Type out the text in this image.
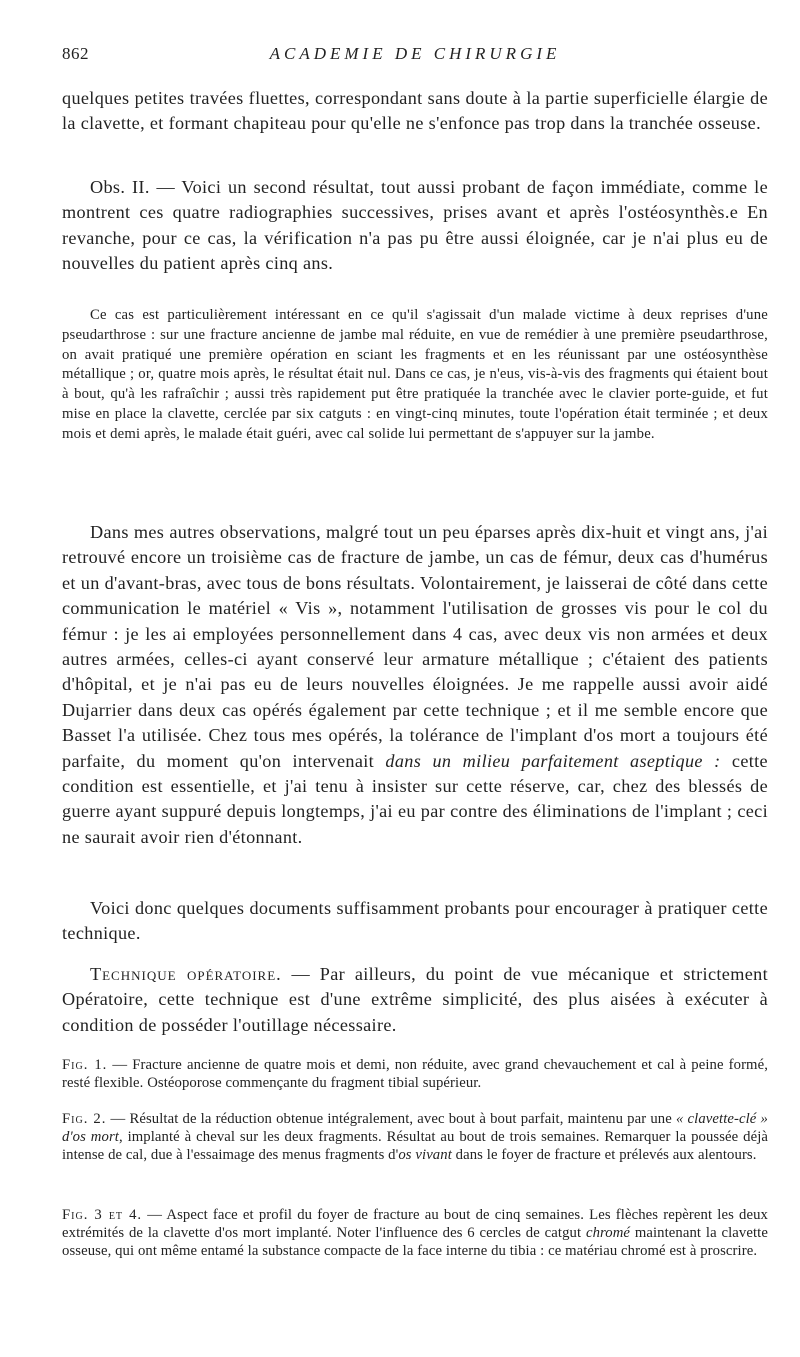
862	ACADEMIE DE CHIRURGIE

quelques petites travées fluettes, correspondant sans doute à la partie superficielle élargie de la clavette, et formant chapiteau pour qu'elle ne s'enfonce pas trop dans la tranchée osseuse.

Obs. II. — Voici un second résultat, tout aussi probant de façon immédiate, comme le montrent ces quatre radiographies successives, prises avant et après l'ostéosynthès.e En revanche, pour ce cas, la vérification n'a pas pu être aussi éloignée, car je n'ai plus eu de nouvelles du patient après cinq ans.

Ce cas est particulièrement intéressant en ce qu'il s'agissait d'un malade victime à deux reprises d'une pseudarthrose : sur une fracture ancienne de jambe mal réduite, en vue de remédier à une première pseudarthrose, on avait pratiqué une première opération en sciant les fragments et en les réunissant par une ostéosynthèse métallique ; or, quatre mois après, le résultat était nul. Dans ce cas, je n'eus, vis-à-vis des fragments qui étaient bout à bout, qu'à les rafraîchir ; aussi très rapidement put être pratiquée la tranchée avec le clavier porte-guide, et fut mise en place la clavette, cerclée par six catguts : en vingt-cinq minutes, toute l'opération était terminée ; et deux mois et demi après, le malade était guéri, avec cal solide lui permettant de s'appuyer sur la jambe.

Dans mes autres observations, malgré tout un peu éparses après dix-huit et vingt ans, j'ai retrouvé encore un troisième cas de fracture de jambe, un cas de fémur, deux cas d'humérus et un d'avant-bras, avec tous de bons résultats. Volontairement, je laisserai de côté dans cette communication le matériel « Vis », notamment l'utilisation de grosses vis pour le col du fémur : je les ai employées personnellement dans 4 cas, avec deux vis non armées et deux autres armées, celles-ci ayant conservé leur armature métallique ; c'étaient des patients d'hôpital, et je n'ai pas eu de leurs nouvelles éloignées. Je me rappelle aussi avoir aidé Dujarrier dans deux cas opérés également par cette technique ; et il me semble encore que Basset l'a utilisée. Chez tous mes opérés, la tolérance de l'implant d'os mort a toujours été parfaite, du moment qu'on intervenait dans un milieu parfaitement aseptique : cette condition est essentielle, et j'ai tenu à insister sur cette réserve, car, chez des blessés de guerre ayant suppuré depuis longtemps, j'ai eu par contre des éliminations de l'implant ; ceci ne saurait avoir rien d'étonnant.

Voici donc quelques documents suffisamment probants pour encourager à pratiquer cette technique.

Technique opératoire. — Par ailleurs, du point de vue mécanique et strictement Opératoire, cette technique est d'une extrême simplicité, des plus aisées à exécuter à condition de posséder l'outillage nécessaire.

Fig. 1. — Fracture ancienne de quatre mois et demi, non réduite, avec grand chevauchement et cal à peine formé, resté flexible. Ostéoporose commençante du fragment tibial supérieur.

Fig. 2. — Résultat de la réduction obtenue intégralement, avec bout à bout parfait, maintenu par une « clavette-clé » d'os mort, implanté à cheval sur les deux fragments. Résultat au bout de trois semaines. Remarquer la poussée déjà intense de cal, due à l'essaimage des menus fragments d'os vivant dans le foyer de fracture et prélevés aux alentours.

Fig. 3 et 4. — Aspect face et profil du foyer de fracture au bout de cinq semaines. Les flèches repèrent les deux extrémités de la clavette d'os mort implanté. Noter l'influence des 6 cercles de catgut chromé maintenant la clavette osseuse, qui ont même entamé la substance compacte de la face interne du tibia : ce matériau chromé est à proscrire.
